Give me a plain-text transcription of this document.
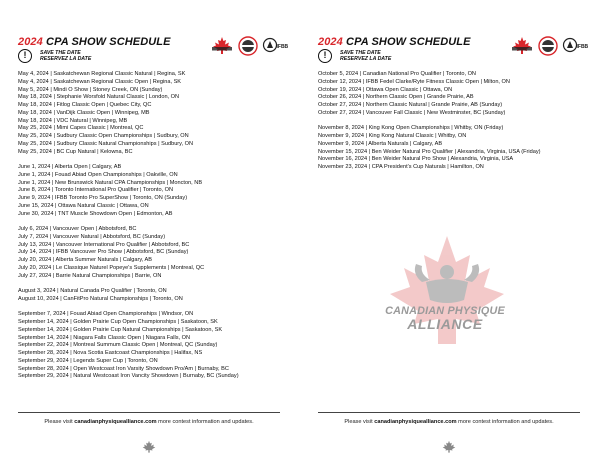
2024 CPA SHOW SCHEDULE
!	SAVE THE DATE
RESERVEZ LA DATE
IFBB
May 4, 2024 | Saskatchewan Regional Classic Natural | Regina, SK
May 4, 2024 | Saskatchewan Regional Classic Open | Regina, SK
May 5, 2024 | Mindi O Show | Stoney Creek, ON (Sunday)
May 18, 2024 | Stephanie Worsfold Natural Classic | London, ON
May 18, 2024 | Fitlog Classic Open | Quebec City, QC
May 18, 2024 | VanDijk Classic Open | Winnipeg, MB
May 18, 2024 | VDC Natural | Winnipeg, MB
May 25, 2024 | Mimi Capes Classic | Montreal, QC
May 25, 2024 | Sudbury Classic Open Championships | Sudbury, ON
May 25, 2024 | Sudbury Classic Natural Championships | Sudbury, ON
May 25, 2024 | BC Cup Natural | Kelowna, BC
June 1, 2024 | Alberta Open | Calgary, AB
June 1, 2024 | Fouad Abiad Open Championships | Oakville, ON
June 1, 2024 | New Brunswick Natural CPA Championships | Moncton, NB
June 8, 2024 | Toronto International Pro Qualifier | Toronto, ON
June 9, 2024 | IFBB Toronto Pro SuperShow | Toronto, ON (Sunday)
June 15, 2024 | Ottawa Natural Classic | Ottawa, ON
June 30, 2024 | TNT Muscle Showdown Open | Edmonton, AB
July 6, 2024 | Vancouver Open | Abbotsford, BC
July 7, 2024 | Vancouver Natural | Abbotsford, BC (Sunday)
July 13, 2024 | Vancouver International Pro Qualifier | Abbotsford, BC
July 14, 2024 | IFBB Vancouver Pro Show | Abbotsford, BC (Sunday)
July 20, 2024 | Alberta Summer Naturals | Calgary, AB
July 20, 2024 | Le Classique Naturel Popeye's Supplements | Montreal, QC
July 27, 2024 | Barrie Natural Championships | Barrie, ON
August 3, 2024 | Natural Canada Pro Qualifier | Toronto, ON
August 10, 2024 | CanFitPro Natural Championships | Toronto, ON
September 7, 2024 | Fouad Abiad Open Championships | Windsor, ON
September 14, 2024 | Golden Prairie Cup Open Championships | Saskatoon, SK
September 14, 2024 | Golden Prairie Cup Natural Championships | Saskatoon, SK
September 14, 2024 | Niagara Falls Classic Open | Niagara Falls, ON
September 22, 2024 | Montreal Summum Classic Open | Montreal, QC (Sunday)
September 28, 2024 | Nova Scotia Eastcoast Championships | Halifax, NS
September 29, 2024 | Legends Super Cup | Toronto, ON
September 28, 2024 | Open Westcoast Iron Varsity Showdown Pro/Am | Burnaby, BC
September 29, 2024 | Natural Westcoast Iron Vancity Showdown | Burnaby, BC (Sunday)
Please visit canadianphysiquealliance.com more contest information and updates.
2024 CPA SHOW SCHEDULE
!	SAVE THE DATE
RESERVEZ LA DATE
IFBB
October 5, 2024 | Canadian National Pro Qualifier | Toronto, ON
October 12, 2024 | IFBB Fedel Clarke/Ryte Fitness Classic Open | Milton, ON
October 19, 2024 | Ottawa Open Classic | Ottawa, ON
October 26, 2024 | Northern Classic Open | Grande Prairie, AB
October 27, 2024 | Northern Classic Natural | Grande Prairie, AB (Sunday)
October 27, 2024 | Vancouver Fall Classic | New Westminster, BC (Sunday)
November 8, 2024 | King Kong Open Championships | Whitby, ON (Friday)
November 9, 2024 | King Kong Natural Classic | Whitby, ON
November 9, 2024 | Alberta Naturals | Calgary, AB
November 15, 2024 | Ben Weider Natural Pro Qualifier | Alexandria, Virginia, USA (Friday)
November 16, 2024 | Ben Weider Natural Pro Show | Alexandria, Virginia, USA
November 23, 2024 | CPA President's Cup Naturals | Hamilton, ON
CANADIAN PHYSIQUE
ALLIANCE
Please visit canadianphysiquealliance.com more contest information and updates.
